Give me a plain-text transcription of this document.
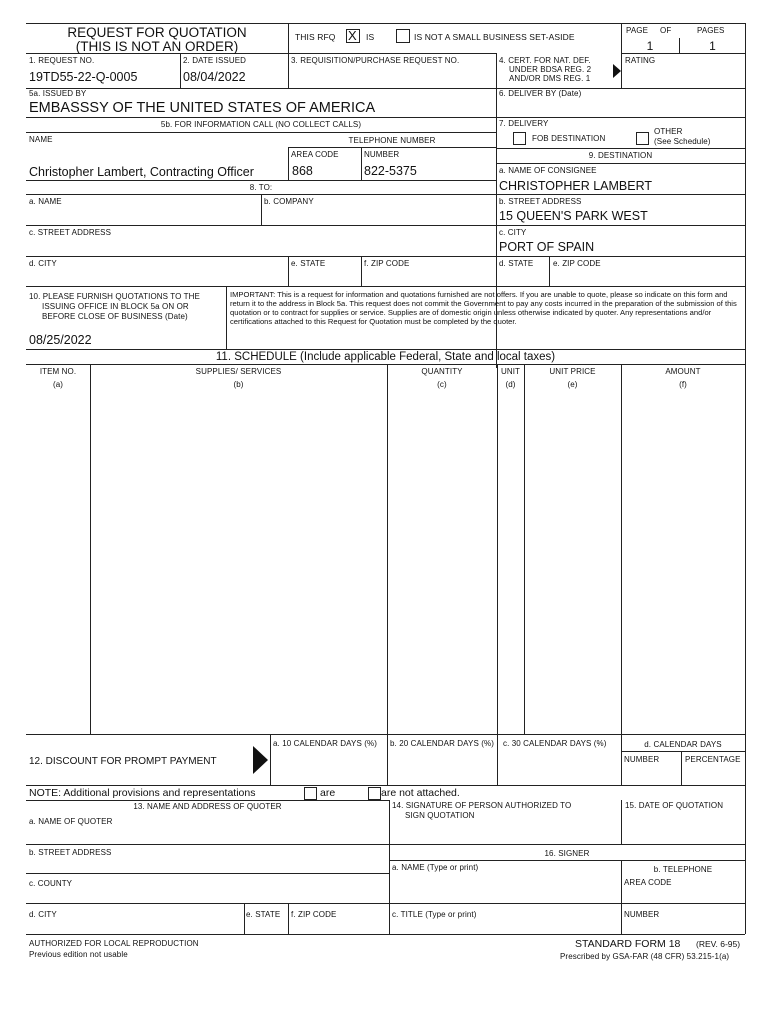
REQUEST FOR QUOTATION
(THIS IS NOT AN ORDER)
THIS RFQ X IS	IS NOT A SMALL BUSINESS SET-ASIDE
PAGE OF	PAGES
1	1
1. REQUEST NO.
19TD55-22-Q-0005
2. DATE ISSUED
08/04/2022
3. REQUISITION/PURCHASE REQUEST NO.	4. CERT. FOR NAT. DEF.
UNDER BDSA REG. 2
AND/OR DMS REG. 1
RATING
5a. ISSUED BY
EMBASSSY OF THE UNITED STATES OF AMERICA
6. DELIVER BY (Date)
5b. FOR INFORMATION CALL (NO COLLECT CALLS)
NAME	TELEPHONE NUMBER
AREA CODE	NUMBER
Christopher Lambert, Contracting Officer	868	822-5375
7. DELIVERY
FOB DESTINATION
OTHER
(See Schedule)
9. DESTINATION
a. NAME OF CONSIGNEE
CHRISTOPHER LAMBERT
b. STREET ADDRESS
15 QUEEN'S PARK WEST
c. CITY
PORT OF SPAIN
d. STATE e. ZIP CODE
8. TO:
a. NAME	b. COMPANY
c. STREET ADDRESS
d. CITY	e. STATE	f. ZIP CODE
10. PLEASE FURNISH QUOTATIONS TO THE
ISSUING OFFICE IN BLOCK 5a ON OR
BEFORE CLOSE OF BUSINESS (Date)
08/25/2022
IMPORTANT: This is a request for information and quotations furnished are not offers. If you are unable to quote, please so indicate on this form and return it to the address in Block 5a. This request does not commit the Government to pay any costs incurred in the preparation of the submission of this quotation or to contract for supplies or service. Supplies are of domestic origin unless otherwise indicated by quoter. Any representations and/or certifications attached to this Request for Quotation must be completed by the quoter.
11. SCHEDULE (Include applicable Federal, State and local taxes)
ITEM NO.
(a)
SUPPLIES/ SERVICES
(b)
QUANTITY
(c)
UNIT
(d)
UNIT PRICE
(e)
AMOUNT
(f)
12. DISCOUNT FOR PROMPT PAYMENT
a. 10 CALENDAR DAYS (%) b. 20 CALENDAR DAYS (%) c. 30 CALENDAR DAYS (%)	d. CALENDAR DAYS
NUMBER	PERCENTAGE
NOTE: Additional provisions and representations	are	are not attached.
13. NAME AND ADDRESS OF QUOTER
a. NAME OF QUOTER
b. STREET ADDRESS
c. COUNTY
d. CITY	e. STATE f. ZIP CODE
14. SIGNATURE OF PERSON AUTHORIZED TO
SIGN QUOTATION
15. DATE OF QUOTATION
16. SIGNER
a. NAME (Type or print)	b. TELEPHONE
AREA CODE
c. TITLE (Type or print)	NUMBER
AUTHORIZED FOR LOCAL REPRODUCTION
Previous edition not usable
STANDARD FORM 18 (REV. 6-95)
Prescribed by GSA-FAR (48 CFR) 53.215-1(a)
